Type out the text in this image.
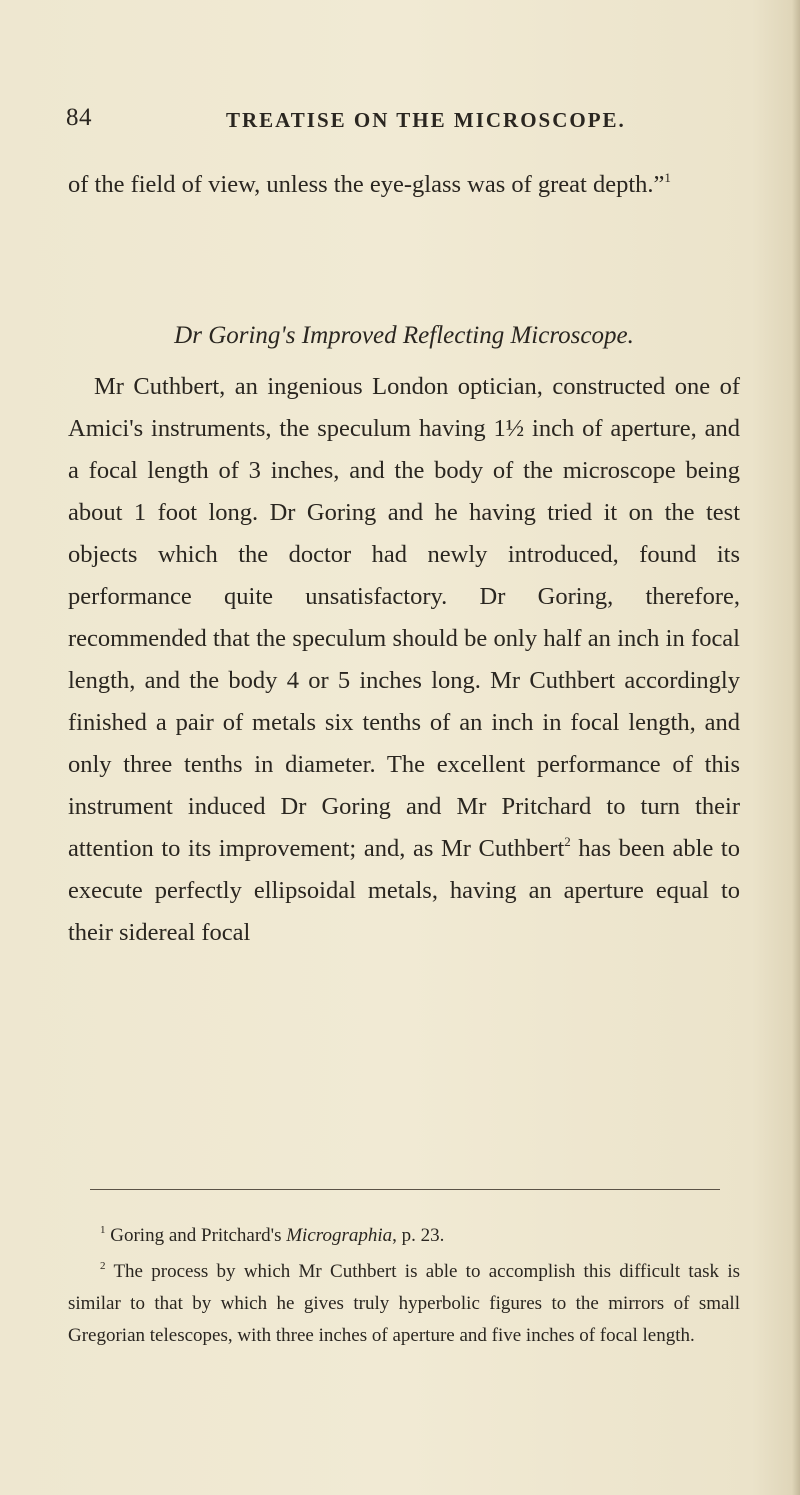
84	TREATISE ON THE MICROSCOPE.
of the field of view, unless the eye-glass was of great depth.”$^1$
Dr Goring's Improved Reflecting Microscope.
Mr Cuthbert, an ingenious London optician, constructed one of Amici's instruments, the speculum having 1½ inch of aperture, and a focal length of 3 inches, and the body of the microscope being about 1 foot long. Dr Goring and he having tried it on the test objects which the doctor had newly introduced, found its performance quite unsatisfactory. Dr Goring, therefore, recommended that the speculum should be only half an inch in focal length, and the body 4 or 5 inches long. Mr Cuthbert accordingly finished a pair of metals six tenths of an inch in focal length, and only three tenths in diameter. The excellent performance of this instrument induced Dr Goring and Mr Pritchard to turn their attention to its improvement; and, as Mr Cuthbert$^2$ has been able to execute perfectly ellipsoidal metals, having an aperture equal to their sidereal focal

$^1$ Goring and Pritchard's Micrographia, p. 23.

$^2$ The process by which Mr Cuthbert is able to accomplish this difficult task is similar to that by which he gives truly hyperbolic figures to the mirrors of small Gregorian telescopes, with three inches of aperture and five inches of focal length.
